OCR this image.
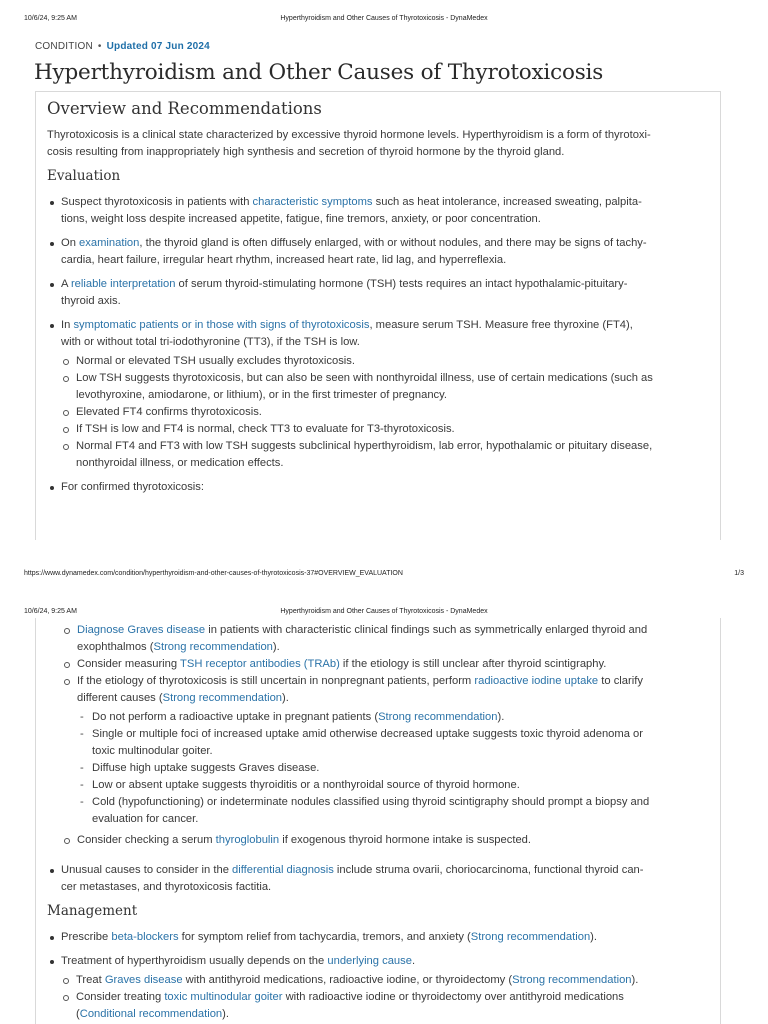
10/6/24, 9:25 AM	Hyperthyroidism and Other Causes of Thyrotoxicosis - DynaMedex
CONDITION • Updated 07 Jun 2024
Hyperthyroidism and Other Causes of Thyrotoxicosis
Overview and Recommendations

Thyrotoxicosis is a clinical state characterized by excessive thyroid hormone levels. Hyperthyroidism is a form of thyrotoxi-
cosis resulting from inappropriately high synthesis and secretion of thyroid hormone by the thyroid gland.

Evaluation
Suspect thyrotoxicosis in patients with characteristic symptoms such as heat intolerance, increased sweating, palpita-
tions, weight loss despite increased appetite, fatigue, fine tremors, anxiety, or poor concentration.
On examination, the thyroid gland is often diffusely enlarged, with or without nodules, and there may be signs of tachy-
cardia, heart failure, irregular heart rhythm, increased heart rate, lid lag, and hyperreflexia.
A reliable interpretation of serum thyroid-stimulating hormone (TSH) tests requires an intact hypothalamic-pituitary-
thyroid axis.
In symptomatic patients or in those with signs of thyrotoxicosis, measure serum TSH. Measure free thyroxine (FT4),
with or without total tri-iodothyronine (TT3), if the TSH is low.
Normal or elevated TSH usually excludes thyrotoxicosis.
Low TSH suggests thyrotoxicosis, but can also be seen with nonthyroidal illness, use of certain medications (such as
levothyroxine, amiodarone, or lithium), or in the first trimester of pregnancy.
Elevated FT4 confirms thyrotoxicosis.
If TSH is low and FT4 is normal, check TT3 to evaluate for T3-thyrotoxicosis.
Normal FT4 and FT3 with low TSH suggests subclinical hyperthyroidism, lab error, hypothalamic or pituitary disease,
nonthyroidal illness, or medication effects.
For confirmed thyrotoxicosis:
https://www.dynamedex.com/condition/hyperthyroidism-and-other-causes-of-thyrotoxicosis-37#OVERVIEW_EVALUATION	1/3
10/6/24, 9:25 AM	Hyperthyroidism and Other Causes of Thyrotoxicosis - DynaMedex
Diagnose Graves disease in patients with characteristic clinical findings such as symmetrically enlarged thyroid and
exophthalmos (Strong recommendation).
Consider measuring TSH receptor antibodies (TRAb) if the etiology is still unclear after thyroid scintigraphy.
If the etiology of thyrotoxicosis is still uncertain in nonpregnant patients, perform radioactive iodine uptake to clarify
different causes (Strong recommendation).
- Do not perform a radioactive uptake in pregnant patients (Strong recommendation).
- Single or multiple foci of increased uptake amid otherwise decreased uptake suggests toxic thyroid adenoma or
toxic multinodular goiter.
- Diffuse high uptake suggests Graves disease.
- Low or absent uptake suggests thyroiditis or a nonthyroidal source of thyroid hormone.
- Cold (hypofunctioning) or indeterminate nodules classified using thyroid scintigraphy should prompt a biopsy and
evaluation for cancer.
Consider checking a serum thyroglobulin if exogenous thyroid hormone intake is suspected.
Unusual causes to consider in the differential diagnosis include struma ovarii, choriocarcinoma, functional thyroid can-
cer metastases, and thyrotoxicosis factitia.
Management
Prescribe beta-blockers for symptom relief from tachycardia, tremors, and anxiety (Strong recommendation).
Treatment of hyperthyroidism usually depends on the underlying cause.
Treat Graves disease with antithyroid medications, radioactive iodine, or thyroidectomy (Strong recommendation).
Consider treating toxic multinodular goiter with radioactive iodine or thyroidectomy over antithyroid medications
(Conditional recommendation).
